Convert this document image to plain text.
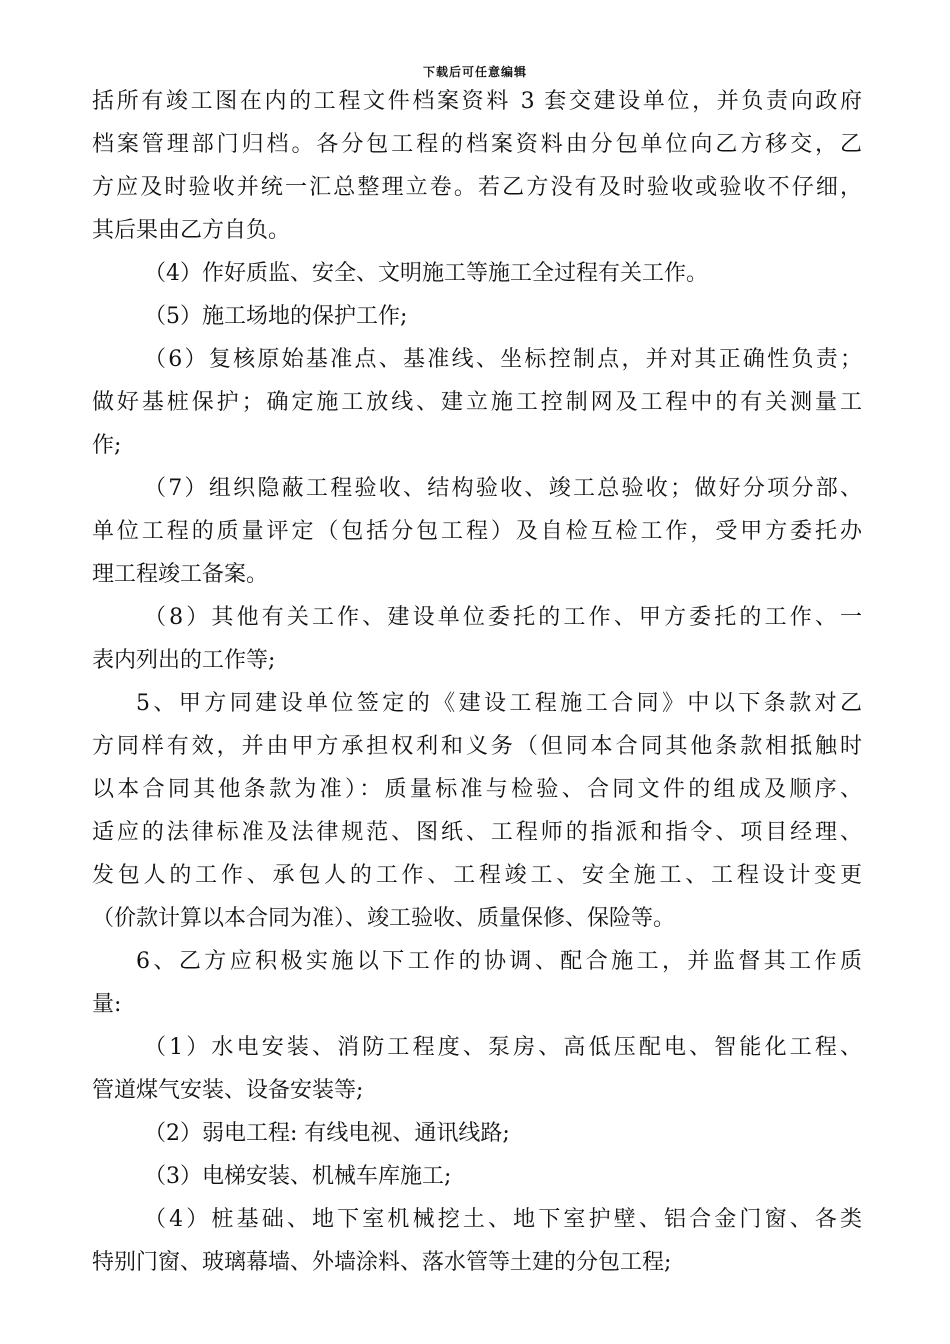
下载后可任意编辑
括所有竣工图在内的工程文件档案资料 3 套交建设单位，并负责向政府
档案管理部门归档。各分包工程的档案资料由分包单位向乙方移交，乙
方应及时验收并统一汇总整理立卷。若乙方没有及时验收或验收不仔细，
其后果由乙方自负。
（4）作好质监、安全、文明施工等施工全过程有关工作。
（5）施工场地的保护工作;
（6）复核原始基准点、基准线、坐标控制点，并对其正确性负责；
做好基桩保护；确定施工放线、建立施工控制网及工程中的有关测量工
作;
（7）组织隐蔽工程验收、结构验收、竣工总验收；做好分项分部、
单位工程的质量评定（包括分包工程）及自检互检工作，受甲方委托办
理工程竣工备案。
（8）其他有关工作、建设单位委托的工作、甲方委托的工作、一
表内列出的工作等;
5、甲方同建设单位签定的《建设工程施工合同》中以下条款对乙
方同样有效，并由甲方承担权利和义务（但同本合同其他条款相抵触时
以本合同其他条款为准）：质量标准与检验、合同文件的组成及顺序、
适应的法律标准及法律规范、图纸、工程师的指派和指令、项目经理、
发包人的工作、承包人的工作、工程竣工、安全施工、工程设计变更
（价款计算以本合同为准）、竣工验收、质量保修、保险等。
6、乙方应积极实施以下工作的协调、配合施工，并监督其工作质
量:
（1）水电安装、消防工程度、泵房、高低压配电、智能化工程、
管道煤气安装、设备安装等;
（2）弱电工程: 有线电视、通讯线路;
（3）电梯安装、机械车库施工;
（4）桩基础、地下室机械挖土、地下室护壁、铝合金门窗、各类
特别门窗、玻璃幕墙、外墙涂料、落水管等土建的分包工程;
